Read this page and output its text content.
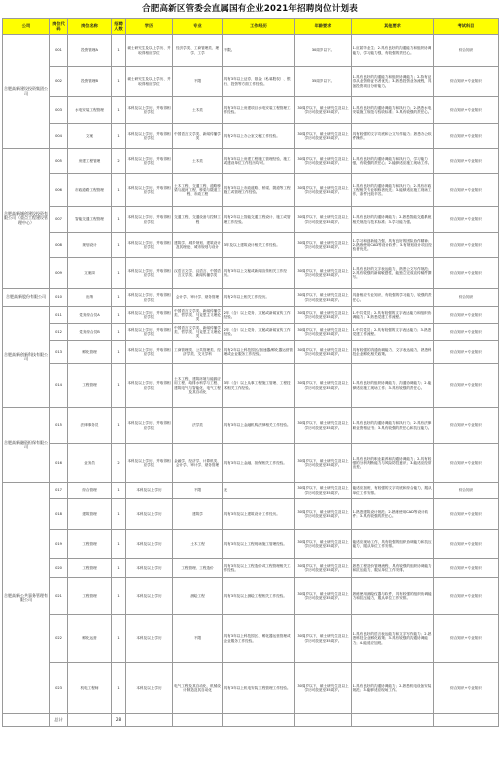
合肥高新区管委会直属国有企业2021年招聘岗位计划表
公司	岗位代码	岗位名称	招聘人数	学历	专业	工作经历	年龄要求	其他要求	考试科目
合肥高新建设投资集团公司	001	投资管理A	1	硕士研究生及以上学历、并取得相应学位	经济学类、工商管理类、理学、工学	不限。	30周岁以下。	1.应届毕业生；2.具有良好的沟通能力和组织协调能力，学习能力强，有较强的责任心。	综合知识
	002	投资管理B	1	硕士研究生及以上学历、并取得相应学位	不限	具有3年以上证券、基金（私募股权）、银行、投资等方面工作经验。	35周岁以下。	1.具有良好的沟通能力和组织协调能力；2.持有证券从业资格证书者优先；3.熟悉投资业务流程，具备投资项目分析能力。	综合知识+专业知识
	003	水电安装工程管理	1	本科及以上学历、并取得相应学位	土木类	具有3年以上房建项目水电安装工程管理工作经验。	30周岁以下，硕士研究生及以上学历可放宽至35周岁。	1.具有良好的沟通协调能力和执行力；2.熟悉水电安装施工规范与验收标准；3.具有较强的责任心。	综合知识+专业知识
	004	文案	1	本科及以上学历、并取得相应学位	中国语言文学类、新闻传播学类	具有2年以上办公室文秘工作经验。	30周岁以下，硕士研究生及以上学历可放宽至35周岁。	具有较强的文字功底和公文写作能力；熟悉办公软件操作。	综合知识+专业知识
合肥高新城创建设投资有限公司（重点工程建设管理中心）	005	房建工程管理	2	本科及以上学历、并取得相应学位	土木类	具有3年以上房建工程施工管理经验，施工或建设单位工作经历均可。	30周岁以下，硕士研究生及以上学历可放宽至35周岁。	1.具有良好的沟通协调能力和执行力，学习能力强，有较强的责任心；2.能够适应施工现场工作。	综合知识+专业知识
	006	市政道路工程管理	1	本科及以上学历、并取得相应学位	土木工程、交通工程、道路桥梁与渡河工程、桥梁与隧道工程、市政工程	具有3年以上市政道路、桥梁、隧道等工程施工或管理工作经验。	30周岁以下，硕士研究生及以上学历可放宽至35周岁。	1.具有良好的沟通协调能力和执行力；2.具有市政工程相关专业职称者优先；3.能够适应施工现场工作，条件比较辛苦。	综合知识+专业知识
	007	智能交通工程管理	1	本科及以上学历、并取得相应学位	交通工程、交通设备与控制工程	具有2年以上智能交通工程设计、施工或管理工作经验。	30周岁以下，硕士研究生及以上学历可放宽至35周岁。	1.具有良好的沟通协调能力；2.熟悉智能交通系统相关规范与技术标准；3.学习能力强。	综合知识+专业知识
	008	规划设计	1	本科及以上学历、并取得相应学位	建筑学、城乡规划、建筑设计及其理论、城市规划与设计	3年及以上建筑设计相关工作经验。	30周岁以下，硕士研究生及以上学历可放宽至35周岁。	1.学习和创新能力强，具有良好的团队协作精神；2.熟练使用CAD等设计软件；3.有规划设计项目经验者优先。	综合知识+专业知识
	009	文案岗	1	本科及以上学历、并取得相应学位	汉语言文学、汉语言、中国语言文学类、新闻传播学类	具有3年以上文秘或新闻宣传相关工作经历。	30周岁以下，硕士研究生及以上学历可放宽至35周岁。	1.具有良好的文字表达能力，熟悉公文写作规范；2.具有较强的新闻敏感性，能独立完成宣传稿件撰写。	综合知识+专业知识
合肥高新股份有限公司	010	出纳	1	本科及以上学历、并取得相应学位	会计学、审计学、财务管理	具有2年以上相关工作经历。	30周岁以下，硕士研究生及以上学历可放宽至35周岁。	具备相应专业知识，有较强的学习能力，较强的责任心。	综合知识
合肥高新创新科技有限公司	011	党务综合员A	1	本科及以上学历、并取得相应学位	中国语言文学类、新闻传播学类、哲学类、马克思主义理论类	2年（含）以上党务、文秘或新闻宣传工作经验。	30周岁以下，硕士研究生及以上学历可放宽至35周岁。	1.中共党员；2.具有较强的文字表达能力和组织协调能力；3.熟悉党建工作流程。	综合知识+专业知识
	012	党务综合员B	1	本科及以上学历、并取得相应学位	中国语言文学类、新闻传播学类、哲学类、马克思主义理论类	2年（含）以上党务、文秘或新闻宣传工作经验。	30周岁以下，硕士研究生及以上学历可放宽至35周岁。	1.中共党员；2.具有较强的文字表达能力；3.熟悉党建工作流程。	综合知识+专业知识
	013	孵化管理	1	本科及以上学历、并取得相应学位	工商管理类、公共管理类、经济学类、交叉学科	具有2年以上科技园区/加速器/孵化器运营管理或企业服务工作经验。	30周岁以下，硕士研究生及以上学历可放宽至35周岁。	具有较强的沟通协调能力、文字表达能力，熟悉科技企业孵化相关政策。	综合知识+专业知识
	014	工程管理	1	本科及以上学历、并取得相应学位	土木工程、建筑环境与能源应用工程、给排水科学与工程、建筑电气与智能化、电气工程及其自动化	3年（含）以上从事工程施工管理、工程技术相关工作经验。	30周岁以下，硕士研究生及以上学历可放宽至35周岁。	1.具有良好的组织协调能力、沟通协调能力；2.能够适应施工现场工作；3.具有较强的责任心。	综合知识+专业知识
合肥高新融资担保有限公司	015	法律事务员	1	本科及以上学历、并取得相应学位	法学类	具有3年以上金融机构法律相关工作经验。	30周岁以下，硕士研究生及以上学历可放宽至35周岁。	1.具有良好的沟通协调能力和执行力；2.具有法律职业资格证书；3.具有较强的责任心和抗压能力。	综合知识+专业知识
	016	业务员	2	本科及以上学历、并取得相应学位	金融学、经济学、计算机类、会计学、审计学、财务管理	具有3年以上金融、担保相关工作经验。	30周岁以下，硕士研究生及以上学历可放宽至35周岁。	1.具有良好的职业素养和沟通协调能力；2.具有较强的分析判断能力与风险防控意识；3.能适应经常出差。	综合知识+专业知识
合肥高新公共事务管理有限公司	017	综合管理	1	本科及以上学历	不限	无	30周岁以下，硕士研究生及以上学历可放宽至35周岁。	能适应加班、有较强的文字功底和综合能力，服从单位工作安排。	综合知识
	018	建筑管理	1	本科及以上学历	建筑学	具有3年及以上建筑设计工作经历。	30周岁以下，硕士研究生及以上学历可放宽至35周岁。	1.熟悉建筑设计规范；2.熟练使用CAD等设计软件；3.具有较强的责任心。	综合知识+专业知识
	019	工程管理	1	本科及以上学历	土木工程	具有3年及以上工程现场施工管理经验。	30周岁以下，硕士研究生及以上学历可放宽至35周岁。	能适应现场工作，具有较强的组织协调能力和抗压能力，服从单位工作安排。	综合知识+专业知识
	020	工程管理	1	本科及以上学历	工程管理、工程造价	具有3年及以上工程造价或工程管理相关工作经验。	30周岁以下，硕士研究生及以上学历可放宽至35周岁。	熟悉工程造价管理流程，具有较强的组织协调能力和抗压能力，服从单位工作安排。	综合知识+专业知识
	021	工程管理	1	本科及以上学历	测绘工程	具有3年及以上测绘工程相关工作经验。	30周岁以下，硕士研究生及以上学历可放宽至35周岁。	熟练使用测绘仪器与软件，具有较强的组织协调能力和抗压能力，服从单位工作安排。	综合知识+专业知识
	022	孵化运营	1	本科及以上学历	不限	具有3年以上科技园区、孵化器运营管理或企业服务工作经验。	30周岁以下，硕士研究生及以上学历可放宽至35周岁。	1.具有良好的语言表达能力和文字写作能力；2.熟悉科技企业孵化政策；3.具有较强的沟通协调能力；4.能适应加班。	综合知识+专业知识
	023	机电工程师	1	本科及以上学历	电气工程及其自动化、机械设计制造及其自动化	具有3年以上机电安装工程管理工作经验。	30周岁以下，硕士研究生及以上学历可放宽至35周岁。	1.具有良好的沟通协调能力；2.熟悉机电设备安装规范；3.能够适应现场工作。	综合知识+专业知识
	总计		28						
